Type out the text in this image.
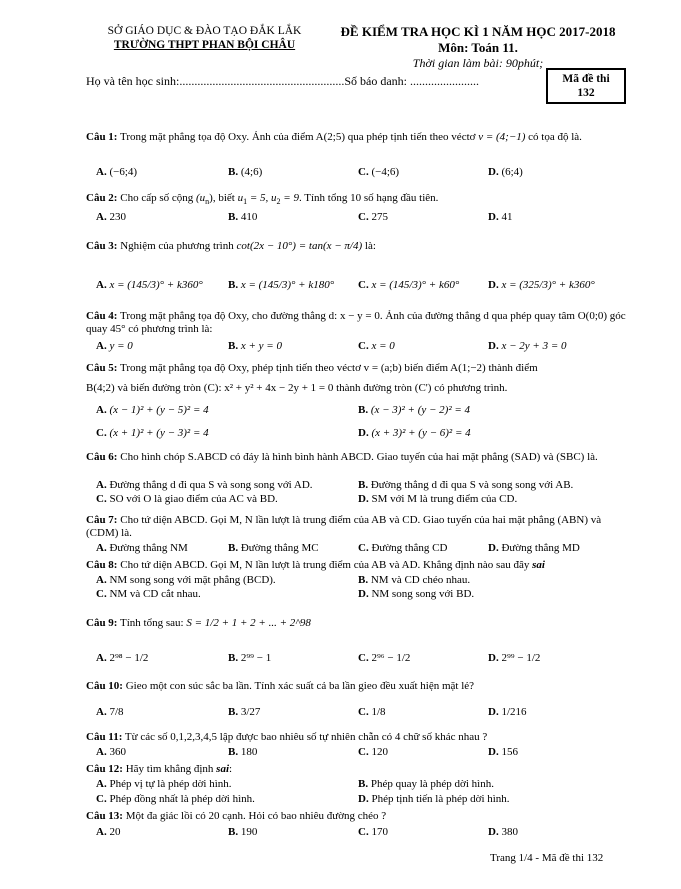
SỞ GIÁO DỤC & ĐÀO TẠO ĐẮK LẮK
TRƯỜNG THPT PHAN BỘI CHÂU
ĐỀ KIỂM TRA HỌC KÌ 1 NĂM HỌC 2017-2018
Môn: Toán 11.
Thời gian làm bài: 90phút;
Họ và tên học sinh:.......................................................Số báo danh: .......................	Mã đề thi
132
Câu 1: Trong mặt phẳng tọa độ Oxy. Ảnh của điểm A(2;5) qua phép tịnh tiến theo véctơ v = (4;−1) có tọa độ là.
A. (−6;4)	B. (4;6)	C. (−4;6)	D. (6;4)
Câu 2: Cho cấp số cộng $(u_n)$, biết $u_1 = 5$, $u_2 = 9$. Tính tổng 10 số hạng đầu tiên.
A. 230	B. 410	C. 275	D. 41
Câu 3: Nghiệm của phương trình cot(2x − 10°) = tan(x − π/4) là:
A. x = (145/3)° + k360° B. x = (145/3)° + k180° C. x = (145/3)° + k60°	D. x = (325/3)° + k360°
Câu 4: Trong mặt phẳng tọa độ Oxy, cho đường thẳng d: x − y = 0. Ảnh của đường thẳng d qua phép quay tâm O(0;0) góc quay 45° có phương trình là:
A. y = 0	B. x + y = 0	C. x = 0	D. x − 2y + 3 = 0
Câu 5: Trong mặt phẳng tọa độ Oxy, phép tịnh tiến theo véctơ v = (a;b) biến điểm A(1;−2) thành điểm
B(4;2) và biến đường tròn (C): x² + y² + 4x − 2y + 1 = 0 thành đường tròn (C') có phương trình.
A. (x − 1)² + (y − 5)² = 4	B. (x − 3)² + (y − 2)² = 4
C. (x + 1)² + (y − 3)² = 4	D. (x + 3)² + (y − 6)² = 4
Câu 6: Cho hình chóp S.ABCD có đáy là hình bình hành ABCD. Giao tuyến của hai mặt phẳng (SAD) và (SBC) là.
A. Đường thẳng d đi qua S và song song với AD.	B. Đường thẳng d đi qua S và song song với AB.
C. SO với O là giao điểm của AC và BD.	D. SM với M là trung điểm của CD.
Câu 7: Cho tứ diện ABCD. Gọi M, N lần lượt là trung điểm của AB và CD. Giao tuyến của hai mặt phẳng (ABN) và (CDM) là.
A. Đường thẳng NM	B. Đường thẳng MC	C. Đường thẳng CD	D. Đường thẳng MD
Câu 8: Cho tứ diện ABCD. Gọi M, N lần lượt là trung điểm của AB và AD. Khẳng định nào sau đây sai
A. NM song song với mặt phẳng (BCD).	B. NM và CD chéo nhau.
C. NM và CD cắt nhau.	D. NM song song với BD.
Câu 9: Tính tổng sau: S = 1/2 + 1 + 2 + ... + 2^98
A. 2⁹⁸ − 1/2	B. 2⁹⁹ − 1	C. 2⁹⁶ − 1/2	D. 2⁹⁹ − 1/2
Câu 10: Gieo một con súc sắc ba lần. Tính xác suất cả ba lần gieo đều xuất hiện mặt lẻ?
A. 7/8	B. 3/27	C. 1/8	D. 1/216
Câu 11: Từ các số 0,1,2,3,4,5 lập được bao nhiêu số tự nhiên chẵn có 4 chữ số khác nhau ?
A. 360	B. 180	C. 120	D. 156
Câu 12: Hãy tìm khẳng định sai:
A. Phép vị tự là phép dời hình.	B. Phép quay là phép dời hình.
C. Phép đồng nhất là phép dời hình.	D. Phép tịnh tiến là phép dời hình.
Câu 13: Một đa giác lồi có 20 cạnh. Hỏi có bao nhiêu đường chéo ?
A. 20	B. 190	C. 170	D. 380
Trang 1/4 - Mã đề thi 132
